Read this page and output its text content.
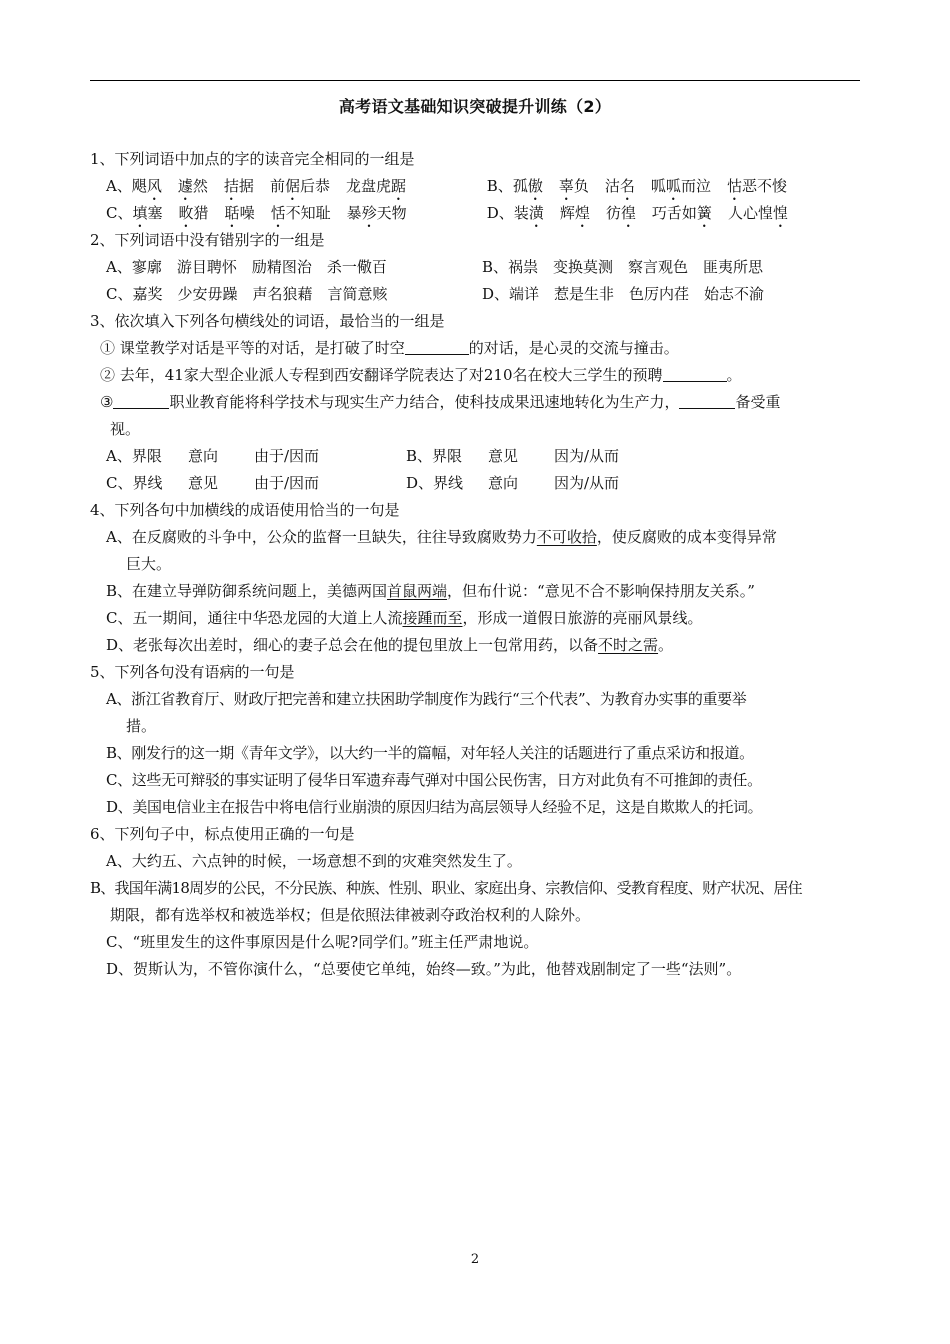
高考语文基础知识突破提升训练（2）
1、下列词语中加点的字的读音完全相同的一组是
A、飓风 遽然 拮据 前倨后恭 龙盘虎踞	B、孤傲 辜负 沽名 呱呱而泣 怙恶不悛
C、填塞 畋猎 聒噪 恬不知耻 暴殄天物	D、装潢 辉煌 彷徨 巧舌如簧 人心惶惶
2、下列词语中没有错别字的一组是
A、寥廓　游目聘怀　励精图治　杀一儆百	B、祸祟　变换莫测　察言观色　匪夷所思
C、嘉奖　少安毋躁　声名狼藉　言简意赅	D、端详　惹是生非　色厉内荏　始志不渝
3、依次填入下列各句横线处的词语，最恰当的一组是
① 课堂教学对话是平等的对话，是打破了时空	的对话，是心灵的交流与撞击。
② 去年，41家大型企业派人专程到西安翻译学院表达了对210名在校大三学生的预聘	。
③	职业教育能将科学技术与现实生产力结合，使科技成果迅速地转化为生产力，	备受重
视。
A、界限 意向 由于/因而	B、界限 意见 因为/从而
C、界线 意见 由于/因而	D、界线 意向 因为/从而
4、下列各句中加横线的成语使用恰当的一句是
A、在反腐败的斗争中，公众的监督一旦缺失，往往导致腐败势力不可收拾，使反腐败的成本变得异常
巨大。
B、在建立导弹防御系统问题上，美德两国首鼠两端，但布什说：“意见不合不影响保持朋友关系。”
C、五一期间，通往中华恐龙园的大道上人流接踵而至，形成一道假日旅游的亮丽风景线。
D、老张每次出差时，细心的妻子总会在他的提包里放上一包常用药，以备不时之需。
5、下列各句没有语病的一句是
A、浙江省教育厅、财政厅把完善和建立扶困助学制度作为践行“三个代表”、为教育办实事的重要举
措。
B、刚发行的这一期《青年文学》，以大约一半的篇幅，对年轻人关注的话题进行了重点采访和报道。
C、这些无可辩驳的事实证明了侵华日军遗弃毒气弹对中国公民伤害，日方对此负有不可推卸的责任。
D、美国电信业主在报告中将电信行业崩溃的原因归结为高层领导人经验不足，这是自欺欺人的托词。
6、下列句子中，标点使用正确的一句是
A、大约五、六点钟的时候，一场意想不到的灾难突然发生了。
B、我国年满18周岁的公民，不分民族、种族、性别、职业、家庭出身、宗教信仰、受教育程度、财产状况、居住
期限，都有选举权和被选举权；但是依照法律被剥夺政治权利的人除外。
C、“班里发生的这件事原因是什么呢?同学们。”班主任严肃地说。
D、贺斯认为，不管你演什么，“总要使它单纯，始终—致。”为此，他替戏剧制定了一些“法则”。
2
